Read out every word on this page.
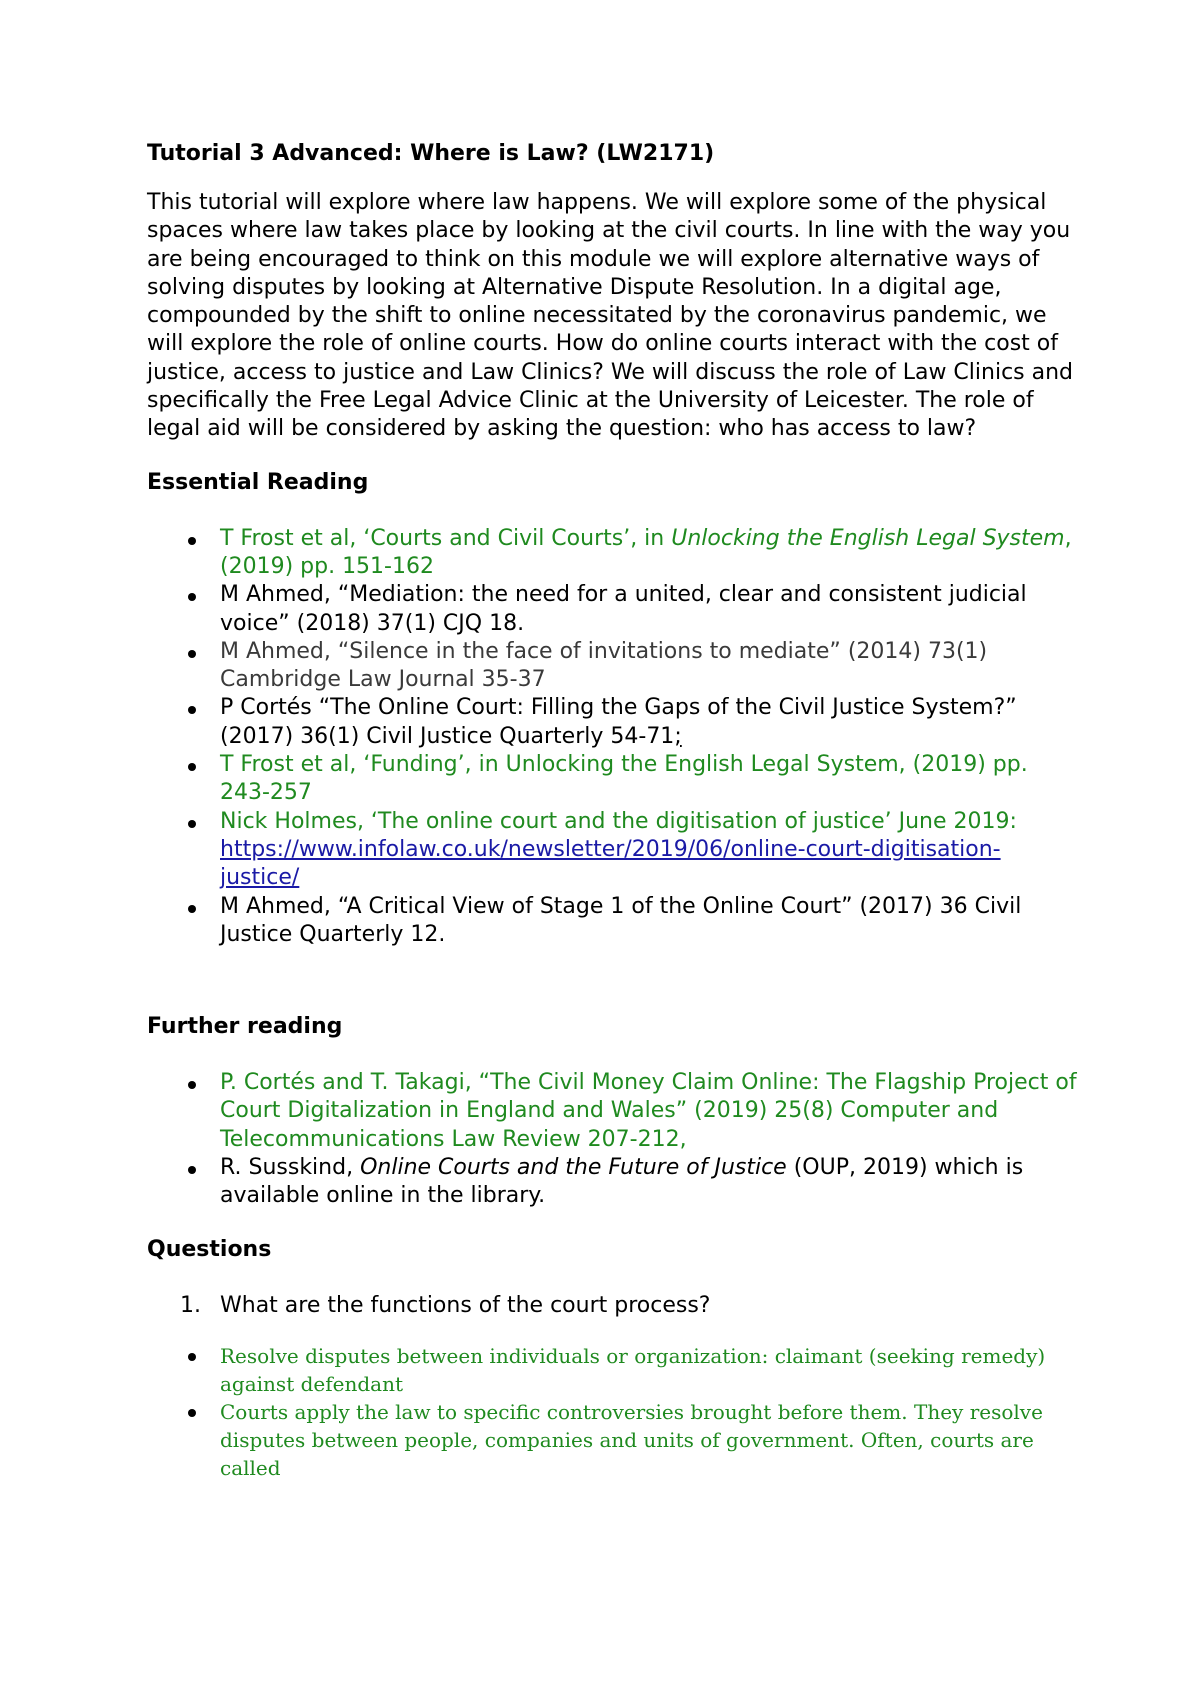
Tutorial 3 Advanced: Where is Law? (LW2171)

This tutorial will explore where law happens. We will explore some of the physical spaces where law takes place by looking at the civil courts. In line with the way you are being encouraged to think on this module we will explore alternative ways of solving disputes by looking at Alternative Dispute Resolution. In a digital age, compounded by the shift to online necessitated by the coronavirus pandemic, we will explore the role of online courts. How do online courts interact with the cost of justice, access to justice and Law Clinics? We will discuss the role of Law Clinics and specifically the Free Legal Advice Clinic at the University of Leicester. The role of legal aid will be considered by asking the question: who has access to law?

Essential Reading

T Frost et al, ‘Courts and Civil Courts’, in Unlocking the English Legal System, (2019) pp. 151-162
M Ahmed, “Mediation: the need for a united, clear and consistent judicial voice” (2018) 37(1) CJQ 18.
M Ahmed, “Silence in the face of invitations to mediate” (2014) 73(1) Cambridge Law Journal 35-37
P Cortés “The Online Court: Filling the Gaps of the Civil Justice System?” (2017) 36(1) Civil Justice Quarterly 54-71;
T Frost et al, ‘Funding’, in Unlocking the English Legal System, (2019) pp. 243-257
Nick Holmes, ‘The online court and the digitisation of justice’ June 2019: https://www.infolaw.co.uk/newsletter/2019/06/online-court-digitisation-justice/
M Ahmed, “A Critical View of Stage 1 of the Online Court” (2017) 36 Civil Justice Quarterly 12.

Further reading

P. Cortés and T. Takagi, “The Civil Money Claim Online: The Flagship Project of Court Digitalization in England and Wales” (2019) 25(8) Computer and Telecommunications Law Review 207-212,
R. Susskind, Online Courts and the Future of Justice (OUP, 2019) which is available online in the library.

Questions

1. What are the functions of the court process?
Resolve disputes between individuals or organization: claimant (seeking remedy) against defendant
Courts apply the law to specific controversies brought before them. They resolve disputes between people, companies and units of government. Often, courts are called
